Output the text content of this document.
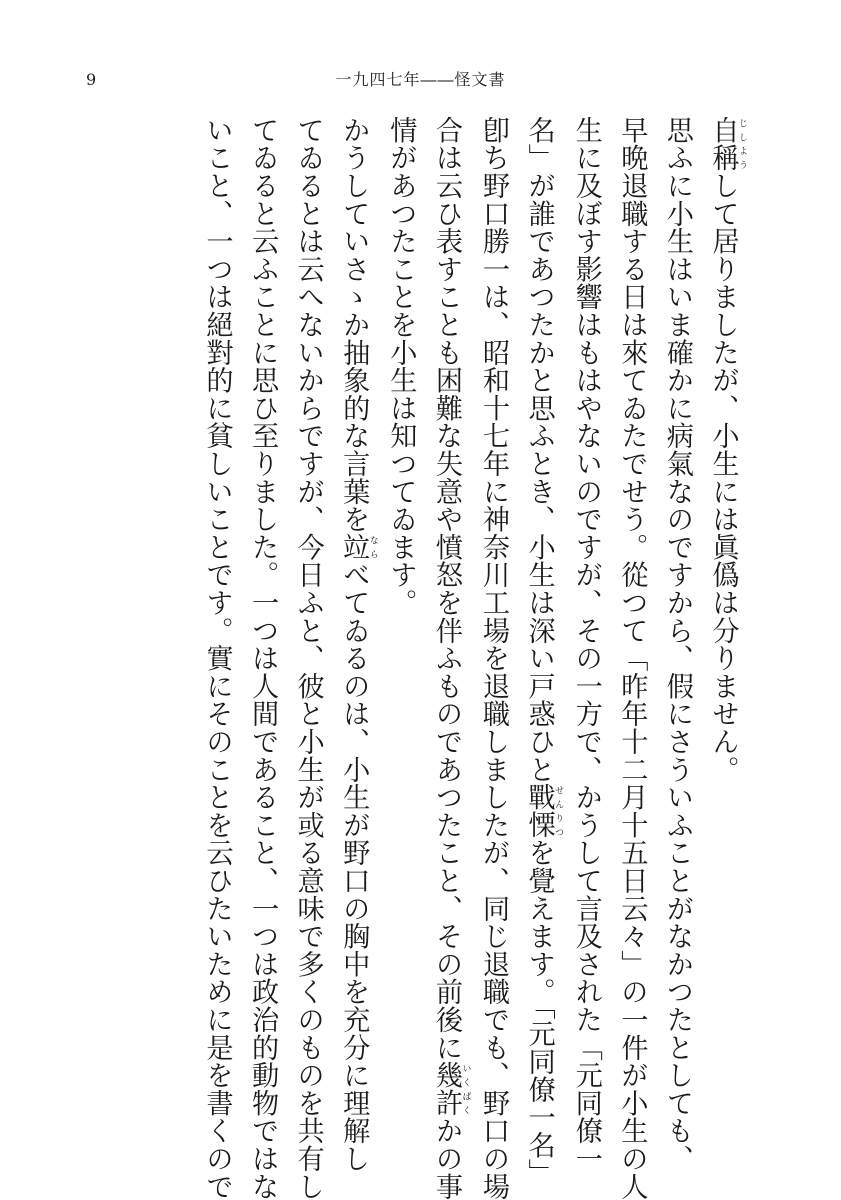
9	一九四七年――怪文書
自稱じしようして居りましたが、小生には眞僞は分りません。
思ふに小生はいま確かに病氣なのですから、假にさういふことがなかつたとしても、
早晩退職する日は來てゐたでせう。從つて「昨年十二月十五日云々」の一件が小生の人
生に及ぼす影響はもはやないのですが、その一方で、かうして言及された「元同僚一
名」が誰であつたかと思ふとき、小生は深い戸惑ひと戰慄せんりつを覺えます。「元同僚一名」
卽ち野口勝一は、昭和十七年に神奈川工場を退職しましたが、同じ退職でも、野口の場
合は云ひ表すことも困難な失意や憤怒を伴ふものであつたこと、その前後に幾許いくばくかの事
情があつたことを小生は知つてゐます。
かうしていさゝか抽象的な言葉を竝ならべてゐるのは、小生が野口の胸中を充分に理解し
てゐるとは云へないからですが、今日ふと、彼と小生が或る意味で多くのものを共有し
てゐると云ふことに思ひ至りました。一つは人間であること、一つは政治的動物ではな
いこと、一つは絕對的に貧しいことです。實にそのことを云ひたいために是を書くので
